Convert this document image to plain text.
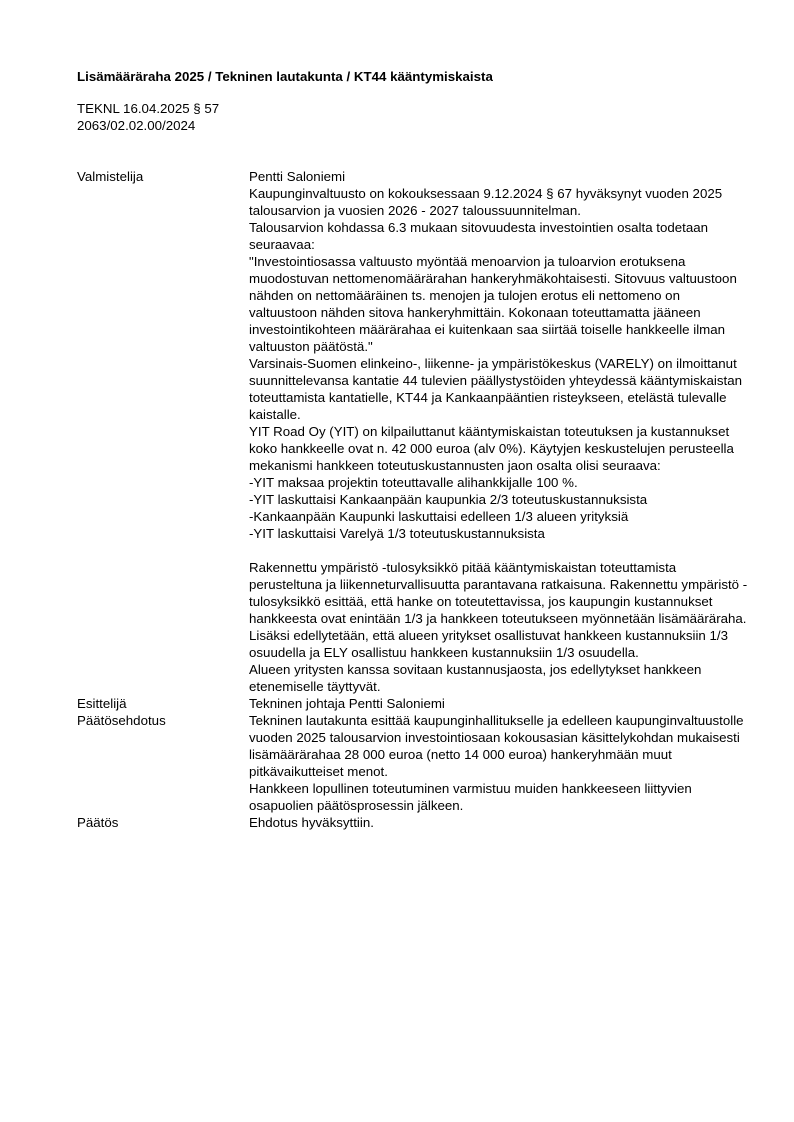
Lisämääräraha 2025 / Tekninen lautakunta / KT44 kääntymiskaista

TEKNL 16.04.2025 § 57
2063/02.02.00/2024
Valmistelija	Pentti Saloniemi

Kaupunginvaltuusto on kokouksessaan 9.12.2024 § 67 hyväksynyt vuoden 2025 talousarvion ja vuosien 2026 - 2027 taloussuunnitelman.

Talousarvion kohdassa 6.3 mukaan sitovuudesta investointien osalta todetaan seuraavaa:

"Investointiosassa valtuusto myöntää menoarvion ja tuloarvion erotuksena muodostuvan nettomenomäärärahan hankeryhmäkohtaisesti. Sitovuus valtuustoon nähden on nettomääräinen ts. menojen ja tulojen erotus eli nettomeno on valtuustoon nähden sitova hankeryhmittäin. Kokonaan toteuttamatta jääneen investointikohteen määrärahaa ei kuitenkaan saa siirtää toiselle hankkeelle ilman valtuuston päätöstä."

Varsinais-Suomen elinkeino-, liikenne- ja ympäristökeskus (VARELY) on ilmoittanut suunnittelevansa kantatie 44 tulevien päällystystöiden yhteydessä kääntymiskaistan toteuttamista kantatielle, KT44 ja Kankaanpääntien risteykseen, etelästä tulevalle kaistalle.

YIT Road Oy (YIT) on kilpailuttanut kääntymiskaistan toteutuksen ja kustannukset koko hankkeelle ovat n. 42 000 euroa (alv 0%). Käytyjen keskustelujen perusteella mekanismi hankkeen toteutuskustannusten jaon osalta olisi seuraava:

-YIT maksaa projektin toteuttavalle alihankkijalle 100 %.
-YIT laskuttaisi Kankaanpään kaupunkia 2/3 toteutuskustannuksista
-Kankaanpään Kaupunki laskuttaisi edelleen 1/3 alueen yrityksiä
-YIT laskuttaisi Varelyä 1/3 toteutuskustannuksista

Rakennettu ympäristö -tulosyksikkö pitää kääntymiskaistan toteuttamista perusteltuna ja liikenneturvallisuutta parantavana ratkaisuna. Rakennettu ympäristö -tulosyksikkö esittää, että hanke on toteutettavissa, jos kaupungin kustannukset hankkeesta ovat enintään 1/3 ja hankkeen toteutukseen myönnetään lisämääräraha. Lisäksi edellytetään, että alueen yritykset osallistuvat hankkeen kustannuksiin 1/3 osuudella ja ELY osallistuu hankkeen kustannuksiin 1/3 osuudella.

Alueen yritysten kanssa sovitaan kustannusjaosta, jos edellytykset hankkeen etenemiselle täyttyvät.

Esittelijä	Tekninen johtaja Pentti Saloniemi

Päätösehdotus	Tekninen lautakunta esittää kaupunginhallitukselle ja edelleen kaupunginvaltuustolle vuoden 2025 talousarvion investointiosaan kokousasian käsittelykohdan mukaisesti lisämäärärahaa 28 000 euroa (netto 14 000 euroa) hankeryhmään muut pitkävaikutteiset menot.

Hankkeen lopullinen toteutuminen varmistuu muiden hankkeeseen liittyvien osapuolien päätösprosessin jälkeen.

Päätös	Ehdotus hyväksyttiin.
